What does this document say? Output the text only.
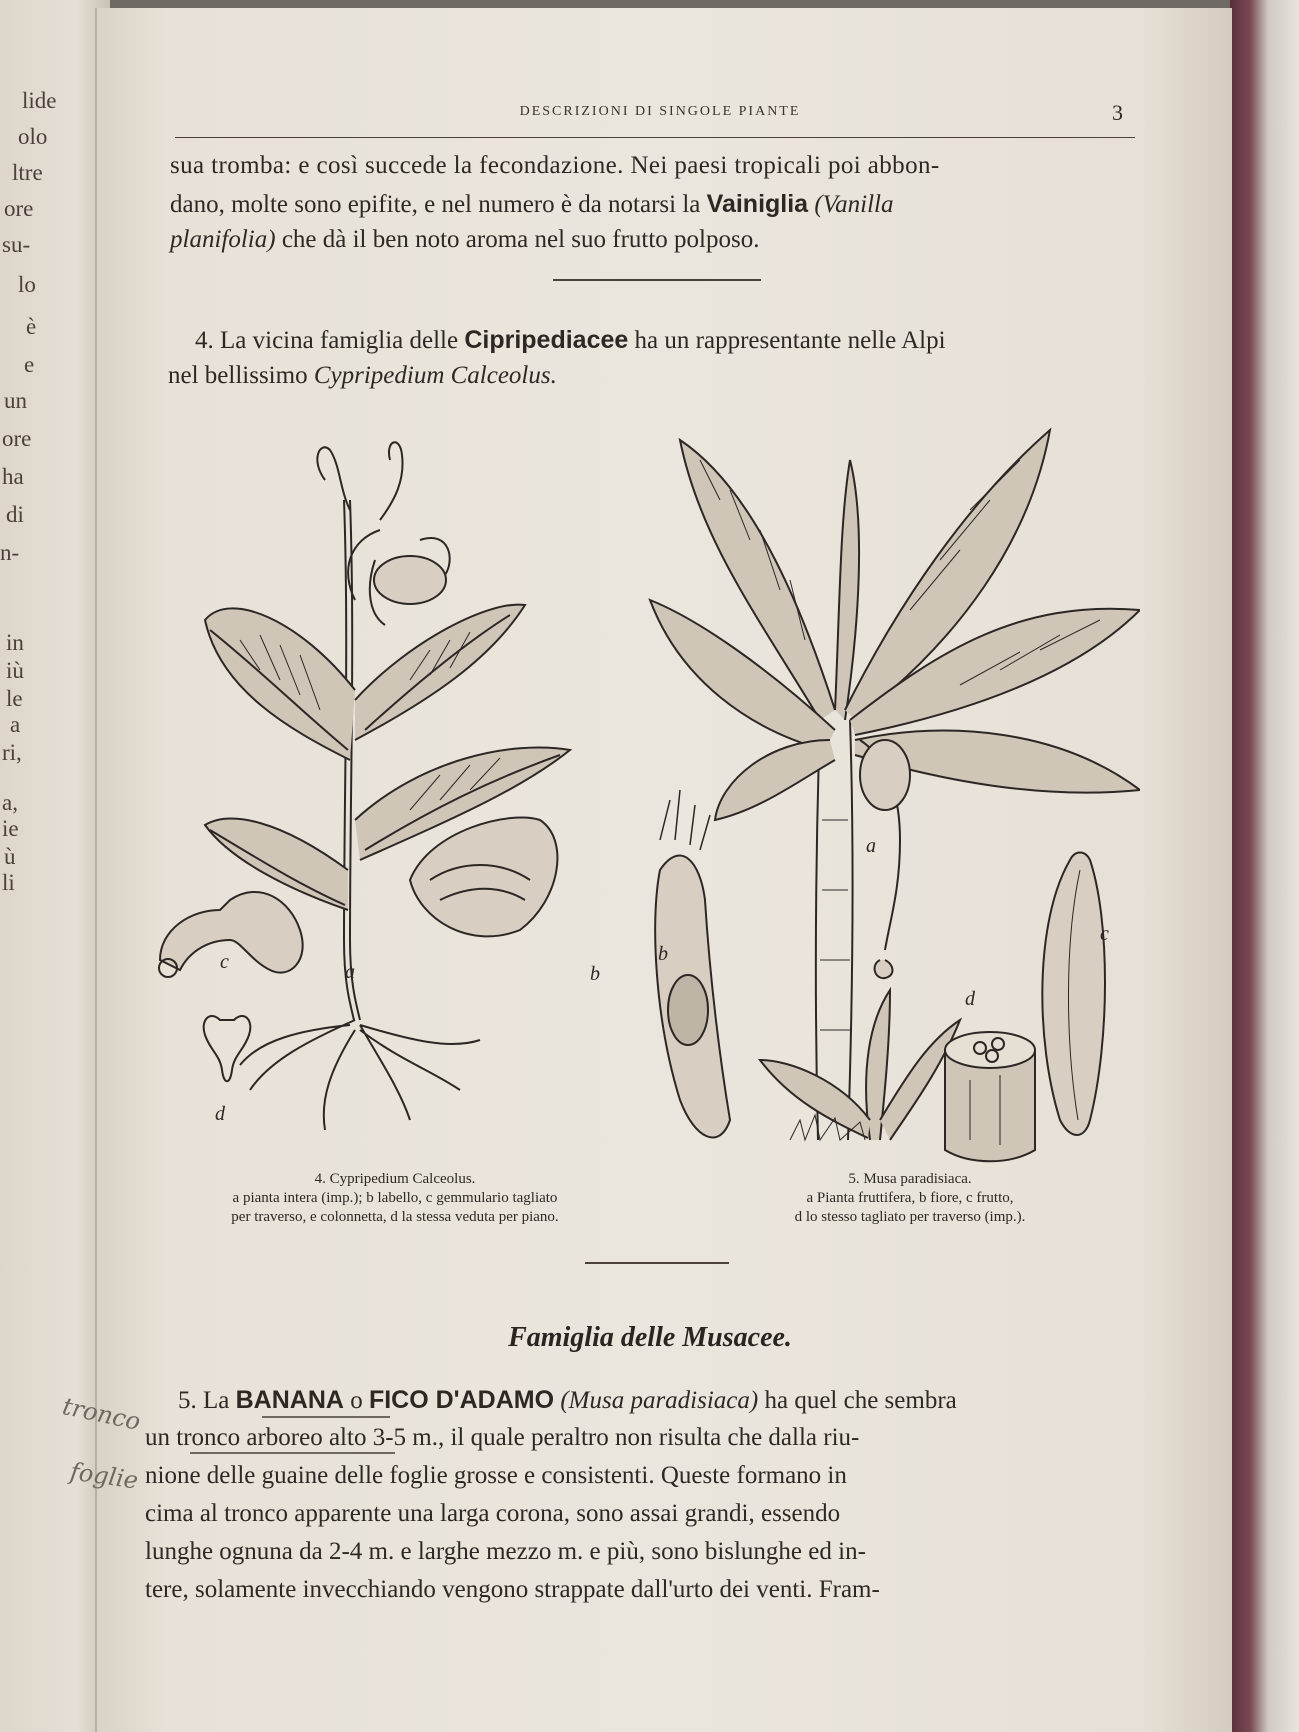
lide
olo
ltre
ore
su-
lo
è
e
un
ore
ha
di
n-
in
iù
le
a
ri,
a,
ie
ù
li
DESCRIZIONI DI SINGOLE PIANTE	3
sua tromba: e così succede la fecondazione. Nei paesi tropicali poi abbon-
dano, molte sono epifite, e nel numero è da notarsi la Vainiglia (Vanilla
planifolia) che dà il ben noto aroma nel suo frutto polposo.
4. La vicina famiglia delle Cipripediacee ha un rappresentante nelle Alpi
nel bellissimo Cypripedium Calceolus.
a	b
c
d
a
b
c
d
4. Cypripedium Calceolus.
a pianta intera (imp.); b labello, c gemmulario tagliato
per traverso, e colonnetta, d la stessa veduta per piano.
5. Musa paradisiaca.
a Pianta fruttifera, b fiore, c frutto,
d lo stesso tagliato per traverso (imp.).
Famiglia delle Musacee.
5. La BANANA o FICO D'ADAMO (Musa paradisiaca) ha quel che sembra
un tronco arboreo alto 3-5 m., il quale peraltro non risulta che dalla riu-
nione delle guaine delle foglie grosse e consistenti. Queste formano in
cima al tronco apparente una larga corona, sono assai grandi, essendo
lunghe ognuna da 2-4 m. e larghe mezzo m. e più, sono bislunghe ed in-
tere, solamente invecchiando vengono strappate dall'urto dei venti. Fram-
tronco
foglie
